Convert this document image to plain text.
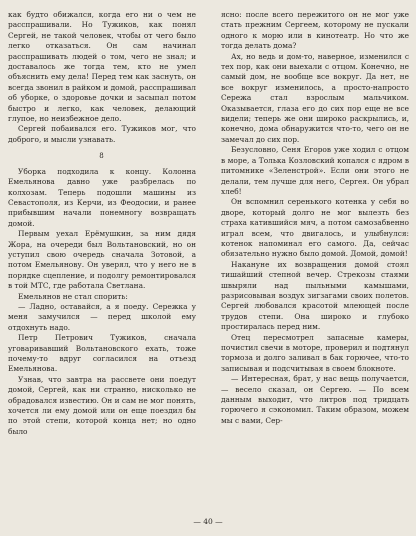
как будто обижался, когда его ни о чем не расспрашивали. Но Тужиков, как понял Сергей, не такой человек, чтобы от чего было легко отказаться. Он сам начинал расспрашивать людей о том, чего не знал; и доставалось же тогда тем, кто не умел объяснить ему дела! Перед тем как заснуть, он всегда звонил в райком и домой, расспрашивал об уборке, о здоровье дочки и засыпал потом быстро и легко, как человек, делающий глупое, но неизбежное дело.

Сергей побаивался его. Тужиков мог, что доброго, и мысли узнавать.

8

Уборка подходила к концу. Колонна Емельянова давно уже разбрелась по колхозам. Теперь подошли машины из Севастополя, из Керчи, из Феодосии, и ранее прибывшим начали понемногу возвращать домой.

Первым уехал Ерёмушкин, за ним дядя Жора, на очереди был Вольтановский, но он уступил свою очередь сначала Зотовой, а потом Емельянову. Он уверял, что у него не в порядке сцепление, и подолгу ремонтировался в той МТС, где работала Светлана.

Емельянов не стал спорить:

— Ладно, оставайся, а я поеду. Сережка у меня замучился — перед школой ему отдохнуть надо.

Петр Петрович Тужиков, сначала уговаривавший Вольтановского ехать, тоже почему-то вдруг согласился на отъезд Емельянова.

Узнав, что завтра на рассвете они поедут домой, Сергей, как ни странно, нисколько не обрадовался известию. Он и сам не мог понять, хочется ли ему домой или он еще поездил бы по этой степи, которой конца нет; но одно было

ясно: после всего пережитого он не мог уже стать прежним Сергеем, которому не пускали одного к морю или в кинотеатр. Но что же тогда делать дома?

Ах, но ведь и дом-то, наверное, изменился с тех пор, как они выехали с отцом. Конечно, не самый дом, не вообще все вокруг. Да нет, не все вокруг изменилось, а просто-напросто Сережа стал взрослым мальчиком. Оказывается, глаза его до сих пор еще не все видели; теперь же они широко раскрылись, и, конечно, дома обнаружится что-то, чего он не замечал до сих пор.

Безусловно, Сеня Егоров уже ходил с отцом в море, а Толька Козловский копался с ядром в питомнике «Зеленстрой». Если они этого не делали, тем лучше для него, Сергея. Он убрал хлеб!

Он вспомнил серенького котенка у себя во дворе, который долго не мог вылезть без страха катившийся мяч, а потом самозабвенно играл всем, что двигалось, и улыбнулся: котенок напоминал его самого. Да, сейчас обязательно нужно было домой. Домой, домой!

Накануне их возвращения домой стоял тишайший степной вечер. Стрекозы стаями швыряли над пыльными камышами, разрисовывая воздух зигзагами своих полетов. Сергей любовался красотой млеющей после трудов степи. Она широко и глубоко простиралась перед ним.

Отец пересмотрел запасные камеры, почистил свечи в моторе, проверил и подтянул тормоза и долго заливал в бак горючее, что-то записывая и подсчитывая в своем блокноте.

— Интересная, брат, у нас вещь получается, — весело сказал, он Сергею. — По всем данным выходит, что литров под тридцать горючего я сэкономил. Таким образом, можем мы с вами, Сер-

— 40 —
